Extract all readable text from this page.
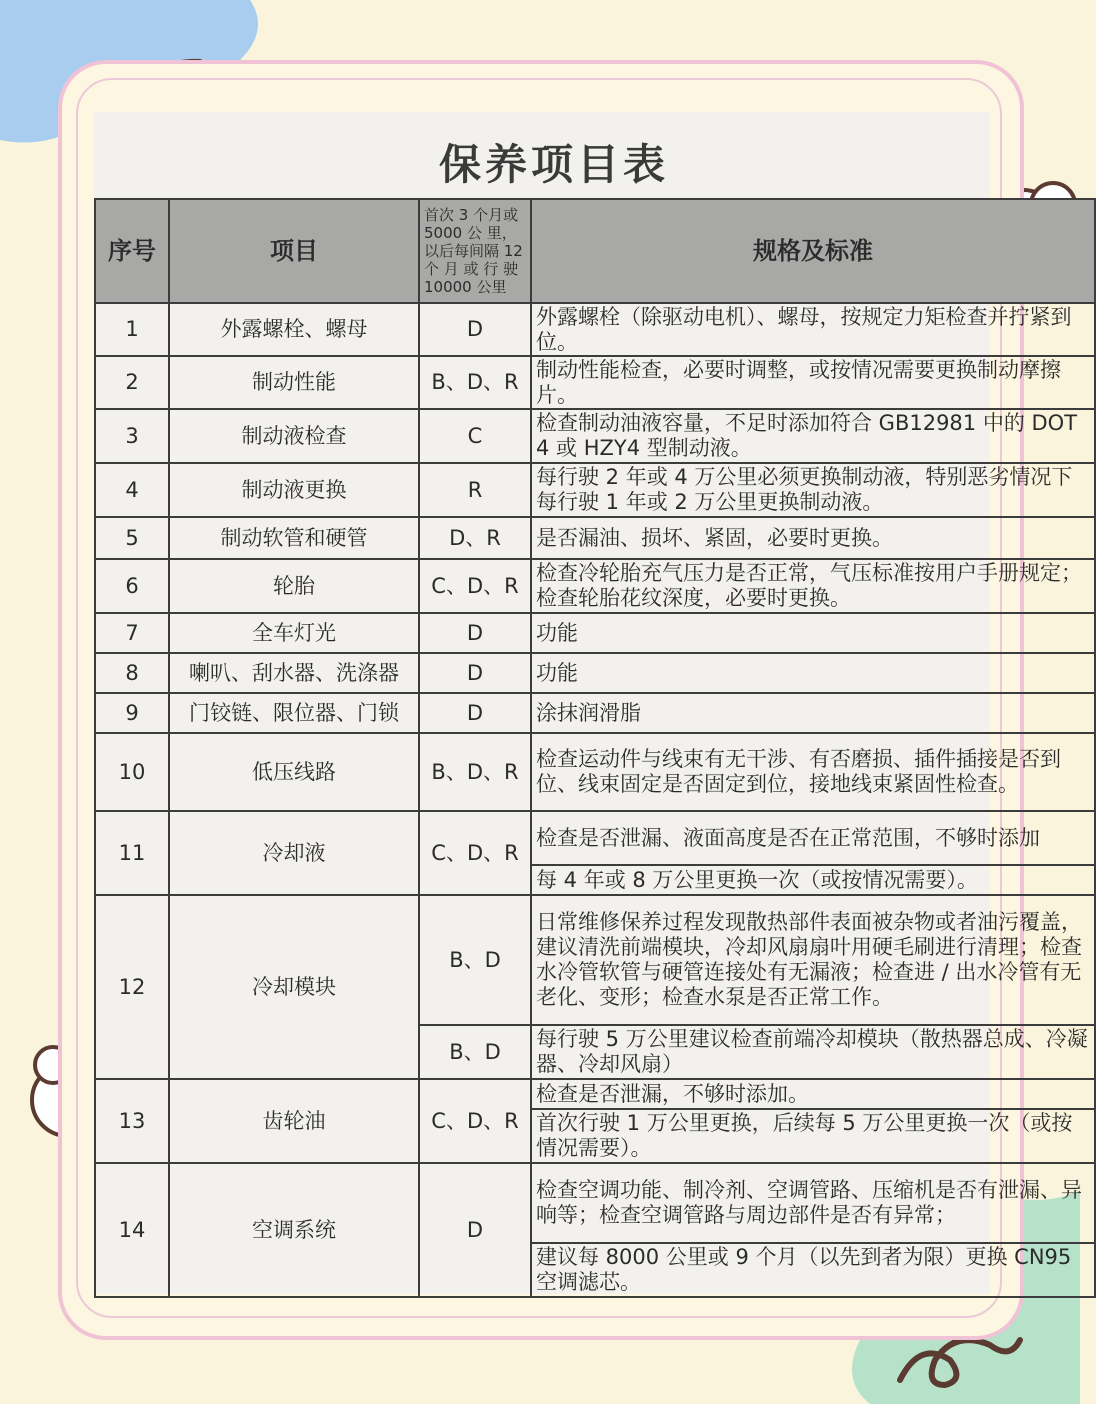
保养项目表
序号	项目	首次 3 个月或 5000 公 里，以后每间隔 12 个 月 或 行 驶 10000 公里	规格及标准
1	外露螺栓、螺母	D	外露螺栓（除驱动电机）、螺母，按规定力矩检查并拧紧到位。
2	制动性能	B、D、R	制动性能检查，必要时调整，或按情况需要更换制动摩擦片。
3	制动液检查	C	检查制动油液容量，不足时添加符合 GB12981 中的 DOT4 或 HZY4 型制动液。
4	制动液更换	R	每行驶 2 年或 4 万公里必须更换制动液，特别恶劣情况下每行驶 1 年或 2 万公里更换制动液。
5	制动软管和硬管	D、R	是否漏油、损坏、紧固，必要时更换。
6	轮胎	C、D、R	检查冷轮胎充气压力是否正常，气压标准按用户手册规定；检查轮胎花纹深度，必要时更换。
7	全车灯光	D	功能
8	喇叭、刮水器、洗涤器	D	功能
9	门铰链、限位器、门锁	D	涂抹润滑脂
10	低压线路	B、D、R	检查运动件与线束有无干涉、有否磨损、插件插接是否到位、线束固定是否固定到位，接地线束紧固性检查。
11	冷却液	C、D、R	检查是否泄漏、液面高度是否在正常范围，不够时添加
			每 4 年或 8 万公里更换一次（或按情况需要）。
12	冷却模块	B、D	日常维修保养过程发现散热部件表面被杂物或者油污覆盖，建议清洗前端模块，冷却风扇扇叶用硬毛刷进行清理；检查水冷管软管与硬管连接处有无漏液；检查进 / 出水冷管有无老化、变形；检查水泵是否正常工作。
		B、D	每行驶 5 万公里建议检查前端冷却模块（散热器总成、冷凝器、冷却风扇）
13	齿轮油	C、D、R	检查是否泄漏，不够时添加。
			首次行驶 1 万公里更换，后续每 5 万公里更换一次（或按情况需要）。
14	空调系统	D	检查空调功能、制冷剂、空调管路、压缩机是否有泄漏、异响等；检查空调管路与周边部件是否有异常；
			建议每 8000 公里或 9 个月（以先到者为限）更换 CN95 空调滤芯。
